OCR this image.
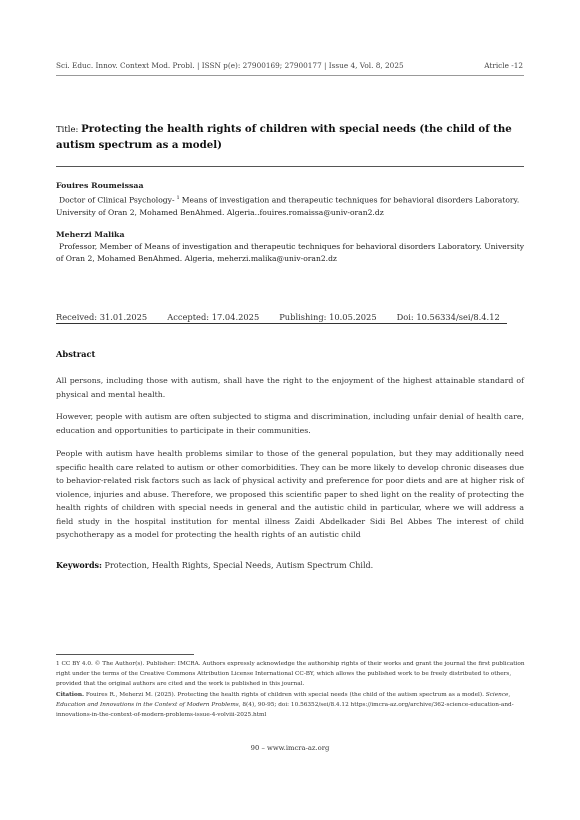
Sci. Educ. Innov. Context Mod. Probl. | ISSN p(e): 27900169; 27900177 | Issue 4, Vol. 8, 2025	Atricle -12
Title: Protecting the health rights of children with special needs (the child of the autism spectrum as a model)
Fouires Roumeissaa
Doctor of Clinical Psychology- $^1$ Means of investigation and therapeutic techniques for behavioral disorders Laboratory. University of Oran 2, Mohamed BenAhmed. Algeria..fouires.romaissa@univ-oran2.dz
Meherzi Malika
Professor, Member of Means of investigation and therapeutic techniques for behavioral disorders Laboratory. University of Oran 2, Mohamed BenAhmed. Algeria, meherzi.malika@univ-oran2.dz
Received: 31.01.2025 Accepted: 17.04.2025 Publishing: 10.05.2025 Doi: 10.56334/sei/8.4.12
Abstract
All persons, including those with autism, shall have the right to the enjoyment of the highest attainable standard of physical and mental health.
However, people with autism are often subjected to stigma and discrimination, including unfair denial of health care, education and opportunities to participate in their communities.
People with autism have health problems similar to those of the general population, but they may additionally need specific health care related to autism or other comorbidities. They can be more likely to develop chronic diseases due to behavior-related risk factors such as lack of physical activity and preference for poor diets and are at higher risk of violence, injuries and abuse. Therefore, we proposed this scientific paper to shed light on the reality of protecting the health rights of children with special needs in general and the autistic child in particular, where we will address a field study in the hospital institution for mental illness Zaidi Abdelkader Sidi Bel Abbes The interest of child psychotherapy as a model for protecting the health rights of an autistic child
Keywords: Protection, Health Rights, Special Needs, Autism Spectrum Child.
1 CC BY 4.0. © The Author(s). Publisher: IMCRA. Authors expressly acknowledge the authorship rights of their works and grant the journal the first publication right under the terms of the Creative Commons Attribution License International CC-BY, which allows the published work to be freely distributed to others, provided that the original authors are cited and the work is published in this journal.
Citation. Fouires R., Meherzi M. (2025). Protecting the health rights of children with special needs (the child of the autism spectrum as a model). Science, Education and Innovations in the Context of Modern Problems, 8(4), 90-95; doi: 10.56352/sei/8.4.12 https://imcra-az.org/archive/362-science-education-and-innovations-in-the-context-of-modern-problems-issue-4-volviii-2025.html
90 – www.imcra-az.org
